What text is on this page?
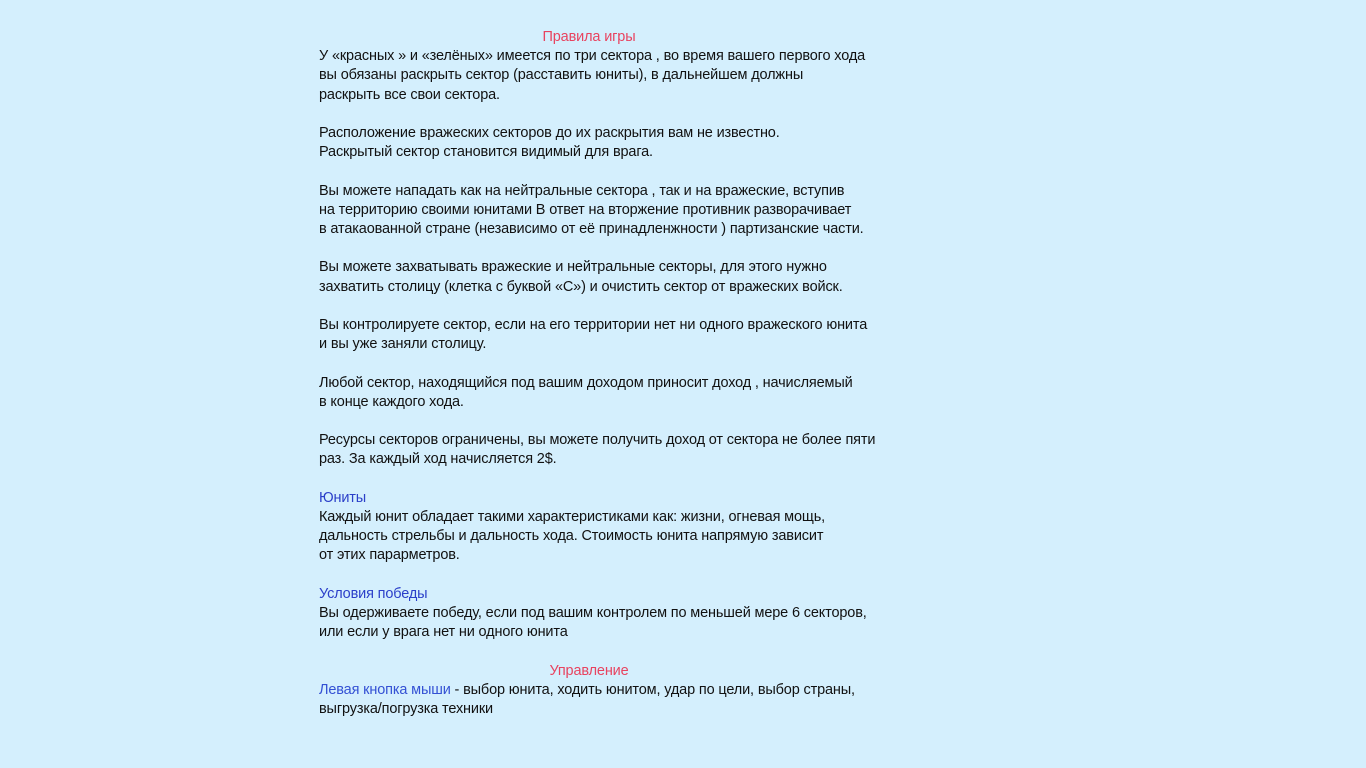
Правила игры
У «красных » и «зелёных» имеется по три сектора , во время вашего первого хода
вы обязаны раскрыть сектор (расставить юниты), в дальнейшем должны
раскрыть все свои сектора.
Расположение вражеских секторов до их раскрытия вам не известно.
Раскрытый сектор становится видимый для врага.
Вы можете нападать как на нейтральные сектора , так и на вражеские, вступив
на территорию своими юнитами В ответ на вторжение противник разворачивает
в атакаованной стране (независимо от её принадленжности ) партизанские части.
Вы можете захватывать вражеские и нейтральные секторы, для этого нужно
захватить столицу (клетка с буквой «С») и очистить сектор от вражеских войск.
Вы контролируете сектор, если на его территории нет ни одного вражеского юнита
и вы уже заняли столицу.
Любой сектор, находящийся под вашим доходом приносит доход , начисляемый
в конце каждого хода.
Ресурсы секторов ограничены, вы можете получить доход от сектора не более пяти
раз. За каждый ход начисляется 2$.
Юниты
Каждый юнит обладает такими характеристиками как: жизни, огневая мощь,
дальность стрельбы и дальность хода. Стоимость юнита напрямую зависит
от этих парарметров.
Условия победы
Вы одерживаете победу, если под вашим контролем по меньшей мере 6 секторов,
или если у врага нет ни одного юнита
Управление
Левая кнопка мыши - выбор юнита, ходить юнитом, удар по цели, выбор страны,
выгрузка/погрузка техники
